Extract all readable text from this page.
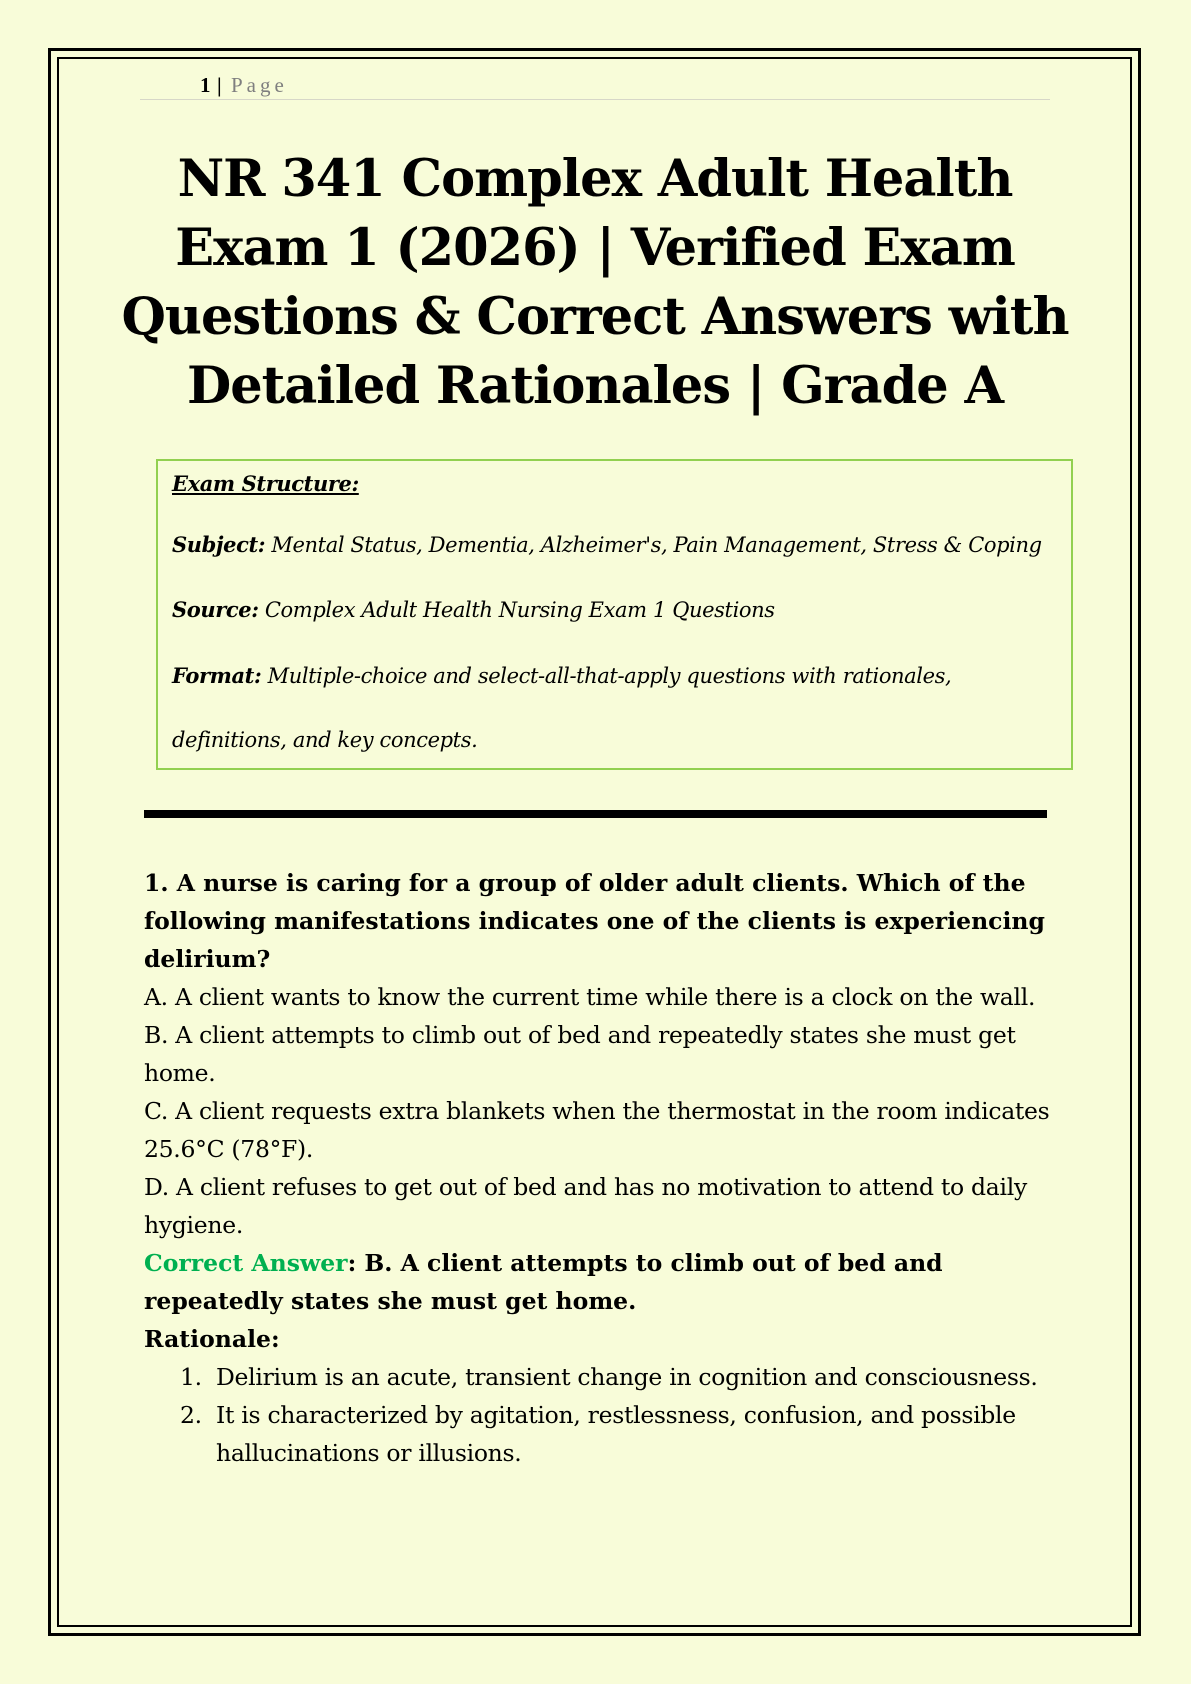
1 | Page
NR 341 Complex Adult Health Exam 1 (2026) | Verified Exam Questions & Correct Answers with Detailed Rationales | Grade A
Exam Structure:
Subject: Mental Status, Dementia, Alzheimer's, Pain Management, Stress & Coping
Source: Complex Adult Health Nursing Exam 1 Questions
Format: Multiple-choice and select-all-that-apply questions with rationales,
definitions, and key concepts.

1. A nurse is caring for a group of older adult clients. Which of the following manifestations indicates one of the clients is experiencing delirium?

A. A client wants to know the current time while there is a clock on the wall.

B. A client attempts to climb out of bed and repeatedly states she must get home.

C. A client requests extra blankets when the thermostat in the room indicates 25.6°C (78°F).

D. A client refuses to get out of bed and has no motivation to attend to daily hygiene.

Correct Answer: B. A client attempts to climb out of bed and repeatedly states she must get home.

Rationale:

1. Delirium is an acute, transient change in cognition and consciousness.
2. It is characterized by agitation, restlessness, confusion, and possible hallucinations or illusions.
